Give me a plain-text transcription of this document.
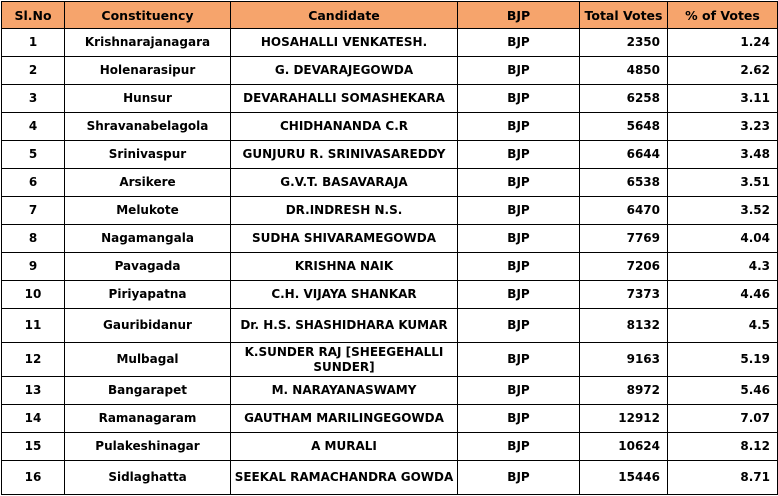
Sl.No	Constituency	Candidate	BJP	Total Votes	% of Votes
1	Krishnarajanagara	HOSAHALLI VENKATESH.	BJP	2350	1.24
2	Holenarasipur	G. DEVARAJEGOWDA	BJP	4850	2.62
3	Hunsur	DEVARAHALLI SOMASHEKARA	BJP	6258	3.11
4	Shravanabelagola	CHIDHANANDA C.R	BJP	5648	3.23
5	Srinivaspur	GUNJURU R. SRINIVASAREDDY	BJP	6644	3.48
6	Arsikere	G.V.T. BASAVARAJA	BJP	6538	3.51
7	Melukote	DR.INDRESH N.S.	BJP	6470	3.52
8	Nagamangala	SUDHA SHIVARAMEGOWDA	BJP	7769	4.04
9	Pavagada	KRISHNA NAIK	BJP	7206	4.3
10	Piriyapatna	C.H. VIJAYA SHANKAR	BJP	7373	4.46
11	Gauribidanur	Dr. H.S. SHASHIDHARA KUMAR	BJP	8132	4.5
12	Mulbagal	K.SUNDER RAJ [SHEEGEHALLI SUNDER]	BJP	9163	5.19
13	Bangarapet	M. NARAYANASWAMY	BJP	8972	5.46
14	Ramanagaram	GAUTHAM MARILINGEGOWDA	BJP	12912	7.07
15	Pulakeshinagar	A MURALI	BJP	10624	8.12
16	Sidlaghatta	SEEKAL RAMACHANDRA GOWDA	BJP	15446	8.71
